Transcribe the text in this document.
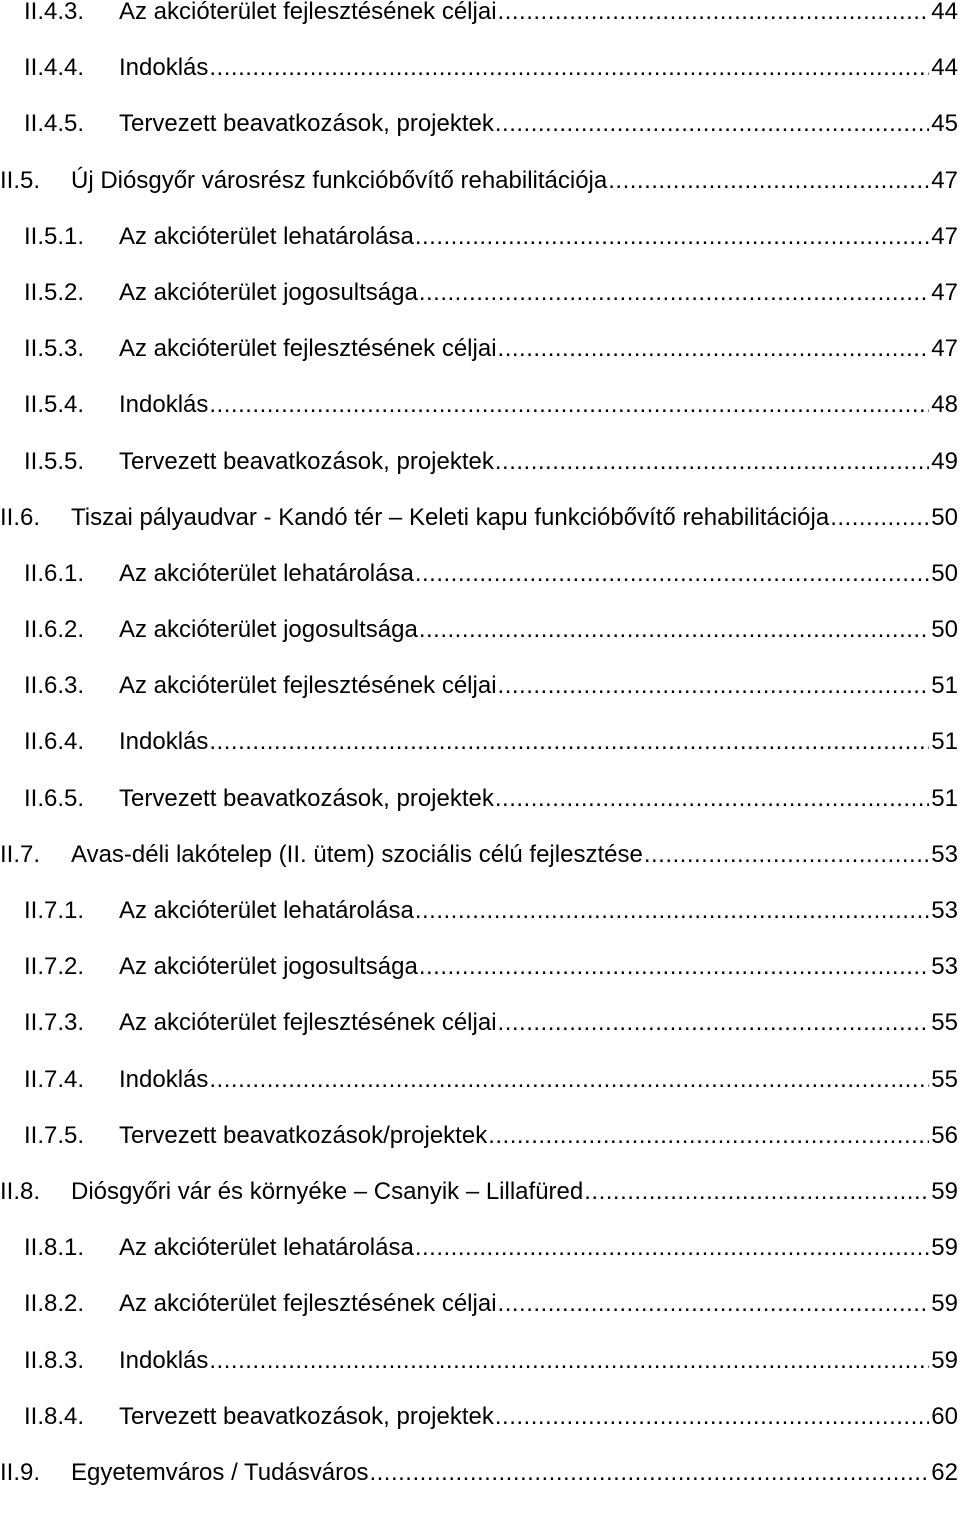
II.4.3.	Az akcióterület fejlesztésének céljai .....	44
II.4.4.	Indoklás .....	44
II.4.5.	Tervezett beavatkozások, projektek .....	45
II.5.	Új Diósgyőr városrész funkcióbővítő rehabilitációja .....	47
II.5.1.	Az akcióterület lehatárolása .....	47
II.5.2.	Az akcióterület jogosultsága .....	47
II.5.3.	Az akcióterület fejlesztésének céljai .....	47
II.5.4.	Indoklás .....	48
II.5.5.	Tervezett beavatkozások, projektek .....	49
II.6.	Tiszai pályaudvar - Kandó tér – Keleti kapu funkcióbővítő rehabilitációja .....	50
II.6.1.	Az akcióterület lehatárolása .....	50
II.6.2.	Az akcióterület jogosultsága .....	50
II.6.3.	Az akcióterület fejlesztésének céljai .....	51
II.6.4.	Indoklás .....	51
II.6.5.	Tervezett beavatkozások, projektek .....	51
II.7.	Avas-déli lakótelep (II. ütem) szociális célú fejlesztése .....	53
II.7.1.	Az akcióterület lehatárolása .....	53
II.7.2.	Az akcióterület jogosultsága .....	53
II.7.3.	Az akcióterület fejlesztésének céljai .....	55
II.7.4.	Indoklás .....	55
II.7.5.	Tervezett beavatkozások/projektek .....	56
II.8.	Diósgyőri vár és környéke – Csanyik – Lillafüred .....	59
II.8.1.	Az akcióterület lehatárolása .....	59
II.8.2.	Az akcióterület fejlesztésének céljai .....	59
II.8.3.	Indoklás .....	59
II.8.4.	Tervezett beavatkozások, projektek .....	60
II.9.	Egyetemváros / Tudásváros .....	62
